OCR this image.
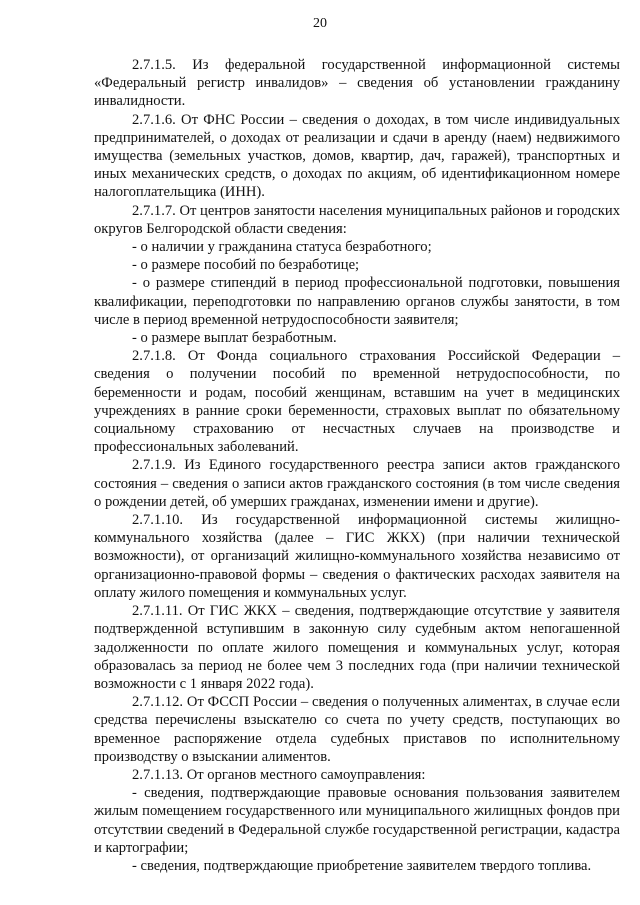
20

2.7.1.5. Из федеральной государственной информационной системы «Федеральный регистр инвалидов» – сведения об установлении гражданину инвалидности.

2.7.1.6. От ФНС России – сведения о доходах, в том числе индивидуальных предпринимателей, о доходах от реализации и сдачи в аренду (наем) недвижимого имущества (земельных участков, домов, квартир, дач, гаражей), транспортных и иных механических средств, о доходах по акциям, об идентификационном номере налогоплательщика (ИНН).

2.7.1.7. От центров занятости населения муниципальных районов и городских округов Белгородской области сведения:

- о наличии у гражданина статуса безработного;

- о размере пособий по безработице;

- о размере стипендий в период профессиональной подготовки, повышения квалификации, переподготовки по направлению органов службы занятости, в том числе в период временной нетрудоспособности заявителя;

- о размере выплат безработным.

2.7.1.8. От Фонда социального страхования Российской Федерации – сведения о получении пособий по временной нетрудоспособности, по беременности и родам, пособий женщинам, вставшим на учет в медицинских учреждениях в ранние сроки беременности, страховых выплат по обязательному социальному страхованию от несчастных случаев на производстве и профессиональных заболеваний.

2.7.1.9. Из Единого государственного реестра записи актов гражданского состояния – сведения о записи актов гражданского состояния (в том числе сведения о рождении детей, об умерших гражданах, изменении имени и другие).

2.7.1.10. Из государственной информационной системы жилищно-коммунального хозяйства (далее – ГИС ЖКХ) (при наличии технической возможности), от организаций жилищно-коммунального хозяйства независимо от организационно-правовой формы – сведения о фактических расходах заявителя на оплату жилого помещения и коммунальных услуг.

2.7.1.11. От ГИС ЖКХ – сведения, подтверждающие отсутствие у заявителя подтвержденной вступившим в законную силу судебным актом непогашенной задолженности по оплате жилого помещения и коммунальных услуг, которая образовалась за период не более чем 3 последних года (при наличии технической возможности с 1 января 2022 года).

2.7.1.12. От ФССП России – сведения о полученных алиментах, в случае если средства перечислены взыскателю со счета по учету средств, поступающих во временное распоряжение отдела судебных приставов по исполнительному производству о взыскании алиментов.

2.7.1.13. От органов местного самоуправления:

- сведения, подтверждающие правовые основания пользования заявителем жилым помещением государственного или муниципального жилищных фондов при отсутствии сведений в Федеральной службе государственной регистрации, кадастра и картографии;

- сведения, подтверждающие приобретение заявителем твердого топлива.
